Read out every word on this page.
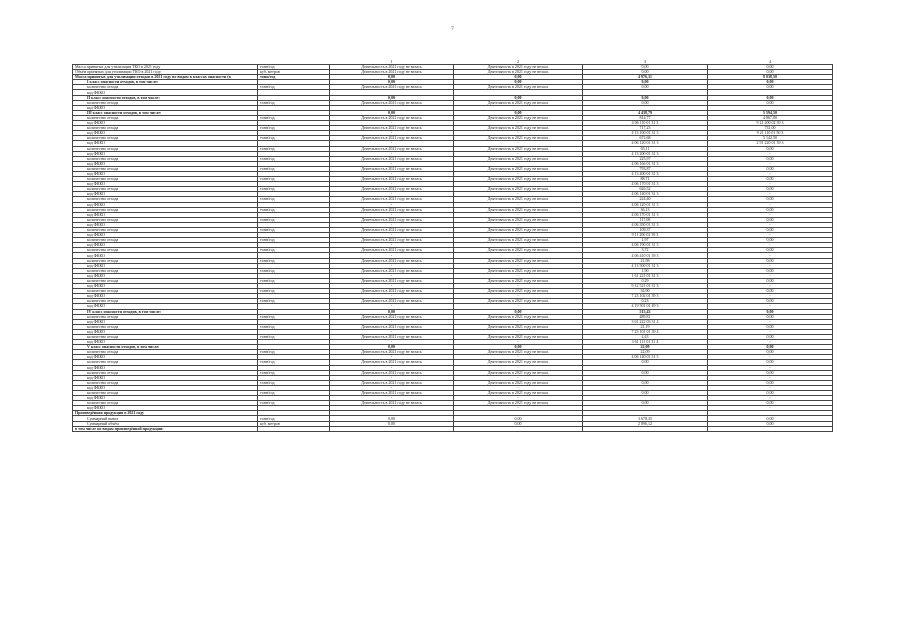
7
		1	2	3	4
Масса принятых для утилизации ТКО в 2021 году	тонн/год	Деятельность в 2021 году не велась	Деятельность в 2021 году не велась	0,00	0,00
Объём принятых для утилизации ТКО в 2021 году	куб. метров	Деятельность в 2021 году не велась	Деятельность в 2021 году не велась	0,00	0,00
Масса принятых для утилизации отходов в 2021 году по видам в классах опасности (в	тонн/год	0,00	0,00	4 976,31	8 038,50
I класс опасности отходов, в том числе:		0,00	0,00	0,00	0,00
количество отхода	тонн/год	Деятельность в 2021 году не велась	Деятельность в 2021 году не велась	0,00	0,00
код ФККО					
II класс опасности отходов, в том числе:		0,00	0,00	0,00	0,00
количество отхода	тонн/год	Деятельность в 2021 году не велась	Деятельность в 2021 году не велась	0,00	0,00
код ФККО					
III класс опасности отходов, в том числе:		0,00	0,00	4 438,79	5 594,50
количество отхода	тонн/год	Деятельность в 2021 году не велась	Деятельность в 2021 году не велась	814,77	4 867,80
код ФККО		-	-	4 06 110 01 31 3	9 21 200 02 39 3
количество отхода	тонн/год	Деятельность в 2021 году не велась	Деятельность в 2021 году не велась	717,23	731,00
код ФККО		-	-	4 13 100 01 31 3	9 21 110 01 50 3
количество отхода	тонн/год	Деятельность в 2021 году не велась	Деятельность в 2021 году не велась	672,68	5 142,50
код ФККО		-	-	4 06 120 01 31 3	2 91 220 01 39 3
количество отхода	тонн/год	Деятельность в 2021 году не велась	Деятельность в 2021 году не велась	65,11	0,00
код ФККО		-	-	4 13 200 01 31 3	-
количество отхода	тонн/год	Деятельность в 2021 году не велась	Деятельность в 2021 году не велась	225,97	0,00
код ФККО		-	-	4 06 166 01 31 3	-
количество отхода	тонн/год	Деятельность в 2021 году не велась	Деятельность в 2021 году не велась	793,87	0,00
код ФККО		-	-	4 13 400 01 31 3	-
количество отхода	тонн/год	Деятельность в 2021 году не велась	Деятельность в 2021 году не велась	88,71	0,00
код ФККО		-	-	4 06 170 01 31 3	-
количество отхода	тонн/год	Деятельность в 2021 году не велась	Деятельность в 2021 году не велась	626,52	0,00
код ФККО		-	-	4 06 140 01 31 3	-
количество отхода	тонн/год	Деятельность в 2021 году не велась	Деятельность в 2021 году не велась	224,40	0,00
код ФККО		-	-	4 06 120 01 31 3	-
количество отхода	тонн/год	Деятельность в 2021 году не велась	Деятельность в 2021 году не велась	36,13	0,00
код ФККО		-	-	4 06 170 01 31 3	-
количество отхода	тонн/год	Деятельность в 2021 году не велась	Деятельность в 2021 году не велась	117,08	0,00
код ФККО		-	-	4 06 350 01 31 3	-
количество отхода	тонн/год	Деятельность в 2021 году не велась	Деятельность в 2021 году не велась	109,37	0,00
код ФККО		-	-	9 11 200 02 39 3	-
количество отхода	тонн/год	Деятельность в 2021 году не велась	Деятельность в 2021 году не велась	1,97	0,00
код ФККО		-	-	4 06 190 01 31 3	-
количество отхода	тонн/год	Деятельность в 2021 году не велась	Деятельность в 2021 году не велась	3,72	0,00
код ФККО		-	-	4 06 410 01 39 3	-
количество отхода	тонн/год	Деятельность в 2021 году не велась	Деятельность в 2021 году не велась	21,98	0,00
код ФККО		-	-	4 13 500 01 31 3	-
количество отхода	тонн/год	Деятельность в 2021 году не велась	Деятельность в 2021 году не велась	1,90	0,00
код ФККО		-	-	1 61 221 01 31 3	-
количество отхода	тонн/год	Деятельность в 2021 году не велась	Деятельность в 2021 году не велась	0,29	0,00
код ФККО		-	-	9 12 521 01 31 3	-
количество отхода	тонн/год	Деятельность в 2021 году не велась	Деятельность в 2021 году не велась	34,90	0,00
код ФККО		-	-	7 23 102 01 39 3	-
количество отхода	тонн/год	Деятельность в 2021 году не велась	Деятельность в 2021 году не велась	0,23	0,00
код ФККО		-	-	4 19 501 01 49 3	-
IV класс опасности отходов, в том числе:		0,00	0,00	515,43	0,00
количество отхода	тонн/год	Деятельность в 2021 году не велась	Деятельность в 2021 году не велась	489,81	0,00
код ФККО		-	-	3 61 222 03 31 4	-
количество отхода	тонн/год	Деятельность в 2021 году не велась	Деятельность в 2021 году не велась	21,19	0,00
код ФККО		-	-	7 23 101 01 39 4	-
количество отхода	тонн/год	Деятельность в 2021 году не велась	Деятельность в 2021 году не велась	4,43	0,00
код ФККО		-	-	3 61 111 01 31 4	-
V класс опасности отходов, в том числе:		0,00	0,00	22,09	0,00
количество отхода	тонн/год	Деятельность в 2021 году не велась	Деятельность в 2021 году не велась	22,09	0,00
код ФККО		-	-	4 06 140 01 51 5	-
количество отхода	тонн/год	Деятельность в 2021 году не велась	Деятельность в 2021 году не велась	0,00	0,00
код ФККО		-	-		-
количество отхода	тонн/год	Деятельность в 2021 году не велась	Деятельность в 2021 году не велась	0,00	0,00
код ФККО		-	-		-
количество отхода	тонн/год	Деятельность в 2021 году не велась	Деятельность в 2021 году не велась	0,00	0,00
код ФККО		-	-		-
количество отхода	тонн/год	Деятельность в 2021 году не велась	Деятельность в 2021 году не велась	0,00	0,00
код ФККО		-	-		-
количество отхода	тонн/год	Деятельность в 2021 году не велась	Деятельность в 2021 году не велась	0,00	0,00
код ФККО		-	-		-
Произведённая продукция в 2021 году					
Суммарный вывоз	тонн/год	0,00	0,00	3 678,35	0,00
Суммарный объём	куб. метров	0,00	0,00	2 896,12	0,00
в том числе по видам произведённой продукции:					
